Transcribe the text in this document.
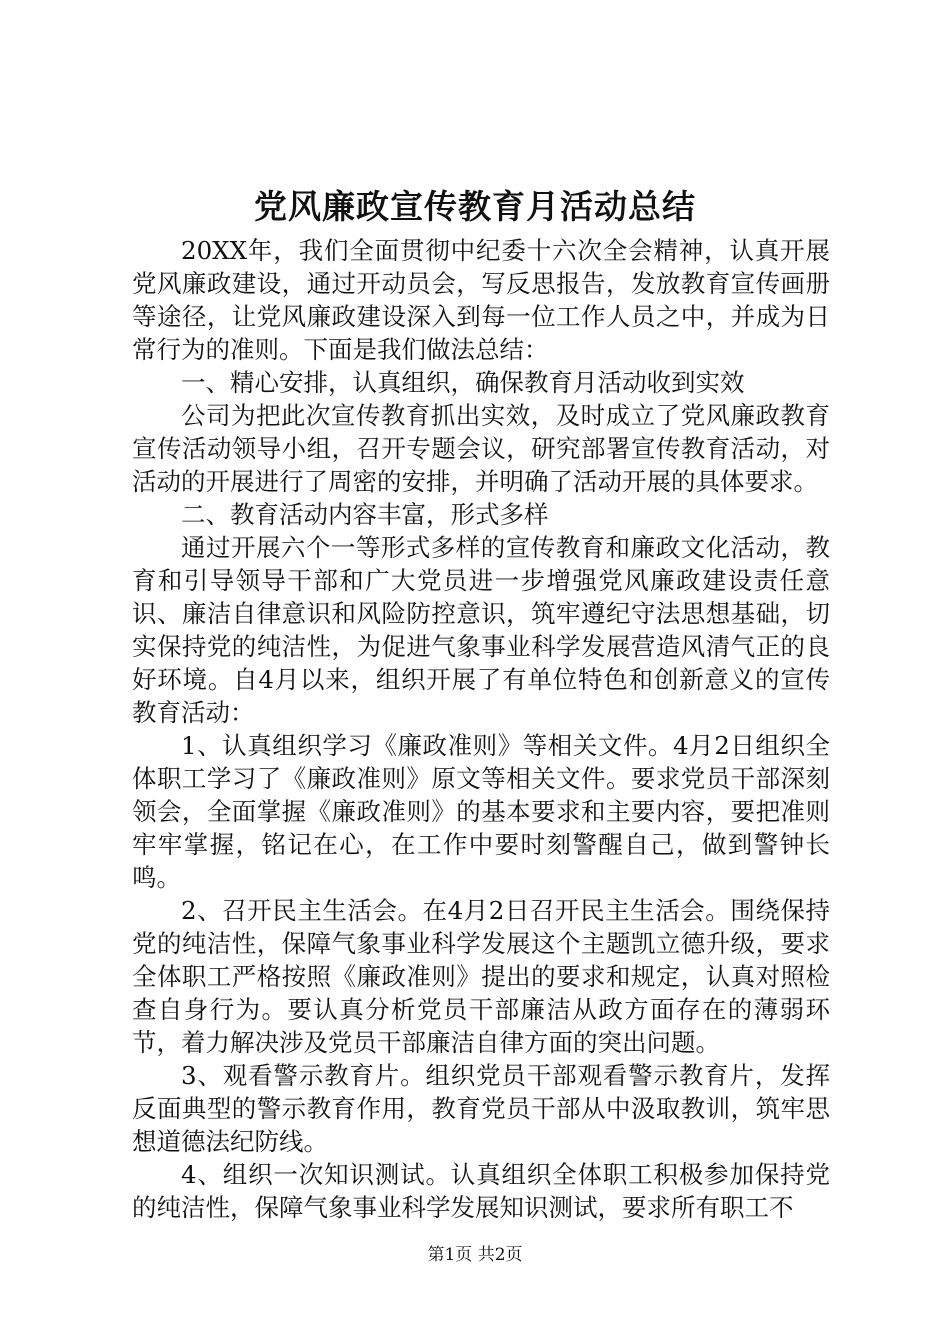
党风廉政宣传教育月活动总结

20XX年，我们全面贯彻中纪委十六次全会精神，认真开展党风廉政建设，通过开动员会，写反思报告，发放教育宣传画册等途径，让党风廉政建设深入到每一位工作人员之中，并成为日常行为的准则。下面是我们做法总结：

一、精心安排，认真组织，确保教育月活动收到实效

公司为把此次宣传教育抓出实效，及时成立了党风廉政教育宣传活动领导小组，召开专题会议，研究部署宣传教育活动，对活动的开展进行了周密的安排，并明确了活动开展的具体要求。

二、教育活动内容丰富，形式多样

通过开展六个一等形式多样的宣传教育和廉政文化活动，教育和引导领导干部和广大党员进一步增强党风廉政建设责任意识、廉洁自律意识和风险防控意识，筑牢遵纪守法思想基础，切实保持党的纯洁性，为促进气象事业科学发展营造风清气正的良好环境。自4月以来，组织开展了有单位特色和创新意义的宣传教育活动：

1、认真组织学习《廉政准则》等相关文件。4月2日组织全体职工学习了《廉政准则》原文等相关文件。要求党员干部深刻领会，全面掌握《廉政准则》的基本要求和主要内容，要把准则牢牢掌握，铭记在心，在工作中要时刻警醒自己，做到警钟长鸣。

2、召开民主生活会。在4月2日召开民主生活会。围绕保持党的纯洁性，保障气象事业科学发展这个主题凯立德升级，要求全体职工严格按照《廉政准则》提出的要求和规定，认真对照检查自身行为。要认真分析党员干部廉洁从政方面存在的薄弱环节，着力解决涉及党员干部廉洁自律方面的突出问题。

3、观看警示教育片。组织党员干部观看警示教育片，发挥反面典型的警示教育作用，教育党员干部从中汲取教训，筑牢思想道德法纪防线。

4、组织一次知识测试。认真组织全体职工积极参加保持党的纯洁性，保障气象事业科学发展知识测试，要求所有职工不

第1页 共2页
